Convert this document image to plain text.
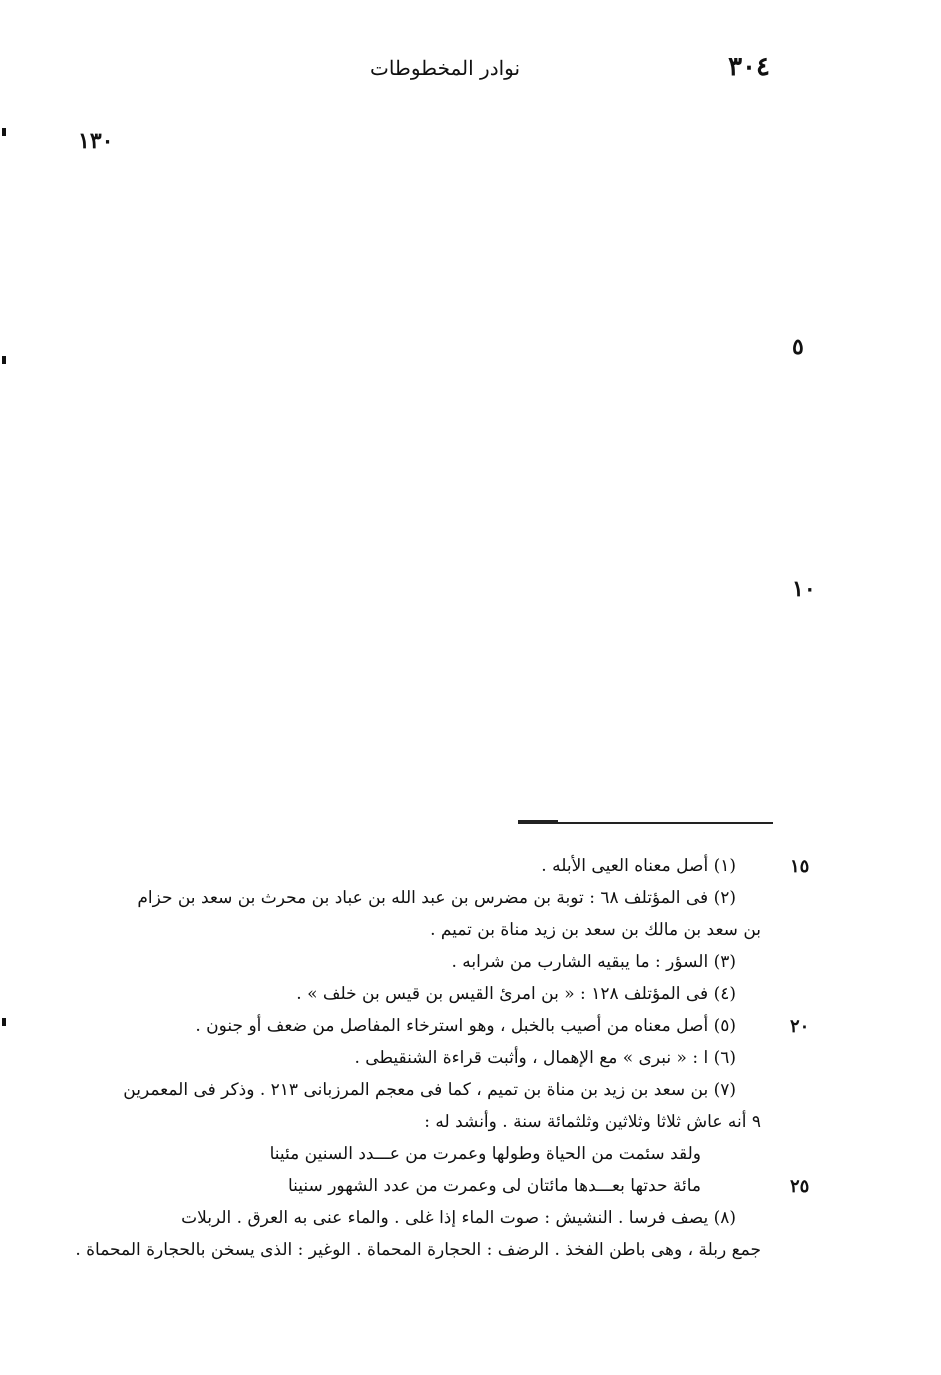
٣٠٤
نوادر المخطوطات
١٣٠
٥
١٠
(١) أصل معناه العيى الأبله .	١٥
(٢) فى المؤتلف ٦٨ : توبة بن مضرس بن عبد الله بن عباد بن محرث بن سعد بن حزام
بن سعد بن مالك بن سعد بن زيد مناة بن تميم .
(٣) السؤر : ما يبقيه الشارب من شرابه .
(٤) فى المؤتلف ١٢٨ : « بن امرئ القيس بن قيس بن خلف » .
(٥) أصل معناه من أصيب بالخبل ، وهو استرخاء المفاصل من ضعف أو جنون .	٢٠
(٦) ا : « نبرى » مع الإهمال ، وأثبت قراءة الشنقيطى .
(٧) بن سعد بن زيد بن مناة بن تميم ، كما فى معجم المرزبانى ٢١٣ . وذكر فى المعمرين
٩ أنه عاش ثلاثا وثلاثين وثلثمائة سنة . وأنشد له :
ولقد سئمت من الحياة وطولها وعمرت من عـــدد السنين مئينا
مائة حدتها بعـــدها مائتان لى وعمرت من عدد الشهور سنينا	٢٥
(٨) يصف فرسا . النشيش : صوت الماء إذا غلى . والماء عنى به العرق . الربلات
جمع ربلة ، وهى باطن الفخذ . الرضف : الحجارة المحماة . الوغير : الذى يسخن بالحجارة المحماة .
